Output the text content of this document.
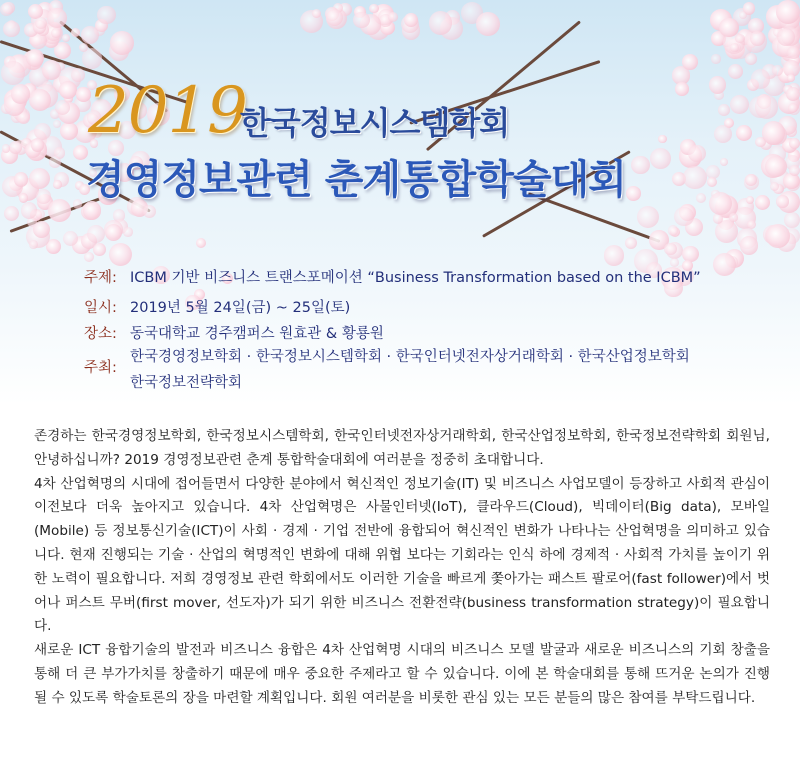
2019
한국정보시스템학회
경영정보관련 춘계통합학술대회
주제: ICBM 기반 비즈니스 트랜스포메이션 “Business Transformation based on the ICBM”
일시: 2019년 5월 24일(금) ~ 25일(토)
장소: 동국대학교 경주캠퍼스 원효관 & 황룡원
주최:
한국경영정보학회 · 한국정보시스템학회 · 한국인터넷전자상거래학회 · 한국산업정보학회
한국정보전략학회

존경하는 한국경영정보학회, 한국정보시스템학회, 한국인터넷전자상거래학회, 한국산업정보학회, 한국정보전략학회 회원님, 안녕하십니까? 2019 경영정보관련 춘계 통합학술대회에 여러분을 정중히 초대합니다.

4차 산업혁명의 시대에 접어들면서 다양한 분야에서 혁신적인 정보기술(IT) 및 비즈니스 사업모델이 등장하고 사회적 관심이 이전보다 더욱 높아지고 있습니다. 4차 산업혁명은 사물인터넷(IoT), 클라우드(Cloud), 빅데이터(Big data), 모바일(Mobile) 등 정보통신기술(ICT)이 사회 · 경제 · 기업 전반에 융합되어 혁신적인 변화가 나타나는 산업혁명을 의미하고 있습니다. 현재 진행되는 기술 · 산업의 혁명적인 변화에 대해 위협 보다는 기회라는 인식 하에 경제적 · 사회적 가치를 높이기 위한 노력이 필요합니다. 저희 경영정보 관련 학회에서도 이러한 기술을 빠르게 쫓아가는 패스트 팔로어(fast follower)에서 벗어나 퍼스트 무버(first mover, 선도자)가 되기 위한 비즈니스 전환전략(business transformation strategy)이 필요합니다.

새로운 ICT 융합기술의 발전과 비즈니스 융합은 4차 산업혁명 시대의 비즈니스 모델 발굴과 새로운 비즈니스의 기회 창출을 통해 더 큰 부가가치를 창출하기 때문에 매우 중요한 주제라고 할 수 있습니다. 이에 본 학술대회를 통해 뜨거운 논의가 진행될 수 있도록 학술토론의 장을 마련할 계획입니다. 회원 여러분을 비롯한 관심 있는 모든 분들의 많은 참여를 부탁드립니다.
